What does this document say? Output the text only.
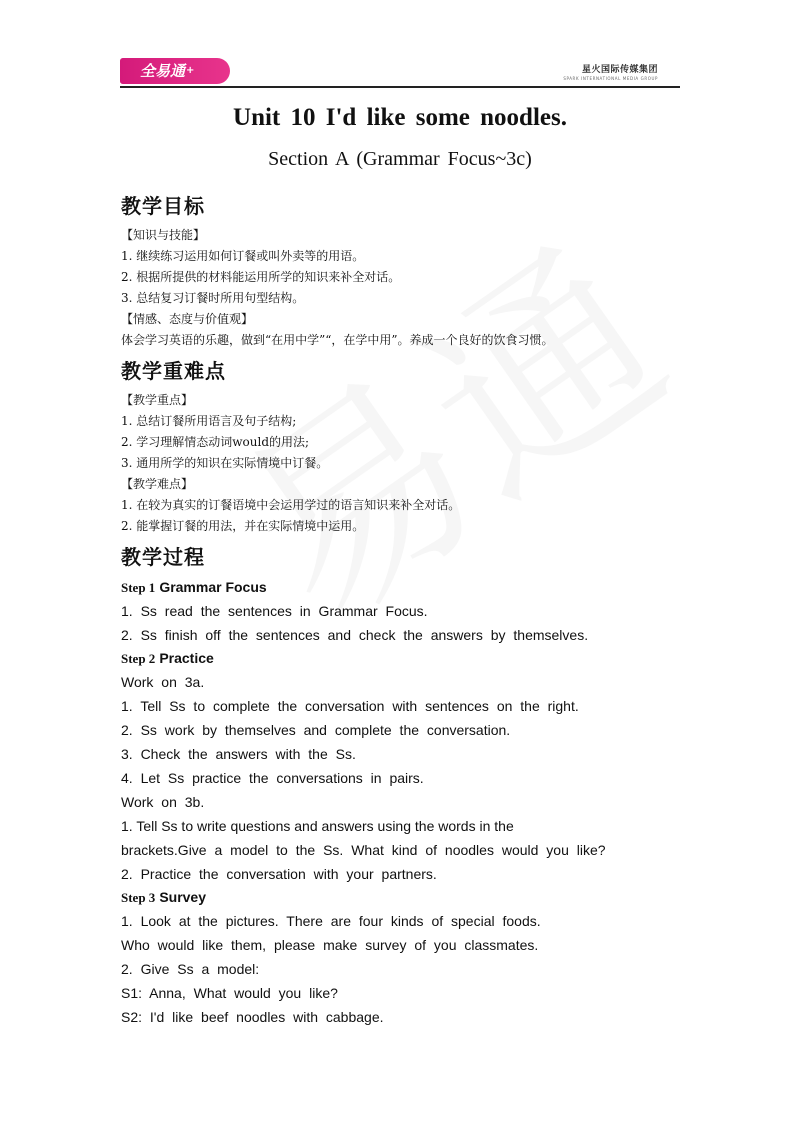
全易通+	星火国际传媒集团
SPARK INTERNATIONAL MEDIA GROUP
Unit 10 I'd like some noodles.
Section A (Grammar Focus~3c)
教学目标
【知识与技能】
1. 继续练习运用如何订餐或叫外卖等的用语。
2. 根据所提供的材料能运用所学的知识来补全对话。
3. 总结复习订餐时所用句型结构。
【情感、态度与价值观】
体会学习英语的乐趣，做到“在用中学”“，在学中用”。养成一个良好的饮食习惯。
教学重难点
【教学重点】
1. 总结订餐所用语言及句子结构;
2. 学习理解情态动词would的用法;
3. 通用所学的知识在实际情境中订餐。
【教学难点】
1. 在较为真实的订餐语境中会运用学过的语言知识来补全对话。
2. 能掌握订餐的用法，并在实际情境中运用。
教学过程
Step 1 Grammar Focus
1. Ss read the sentences in Grammar Focus.
2. Ss finish off the sentences and check the answers by themselves.
Step 2 Practice
Work on 3a.
1. Tell Ss to complete the conversation with sentences on the right.
2. Ss work by themselves and complete the conversation.
3. Check the answers with the Ss.
4. Let Ss practice the conversations in pairs.
Work on 3b.
1. Tell Ss to write questions and answers using the words in the
brackets.Give a model to the Ss. What kind of noodles would you like?
2. Practice the conversation with your partners.
Step 3 Survey
1. Look at the pictures. There are four kinds of special foods.
Who would like them, please make survey of you classmates.
2. Give Ss a model:
S1: Anna, What would you like?
S2: I'd like beef noodles with cabbage.
